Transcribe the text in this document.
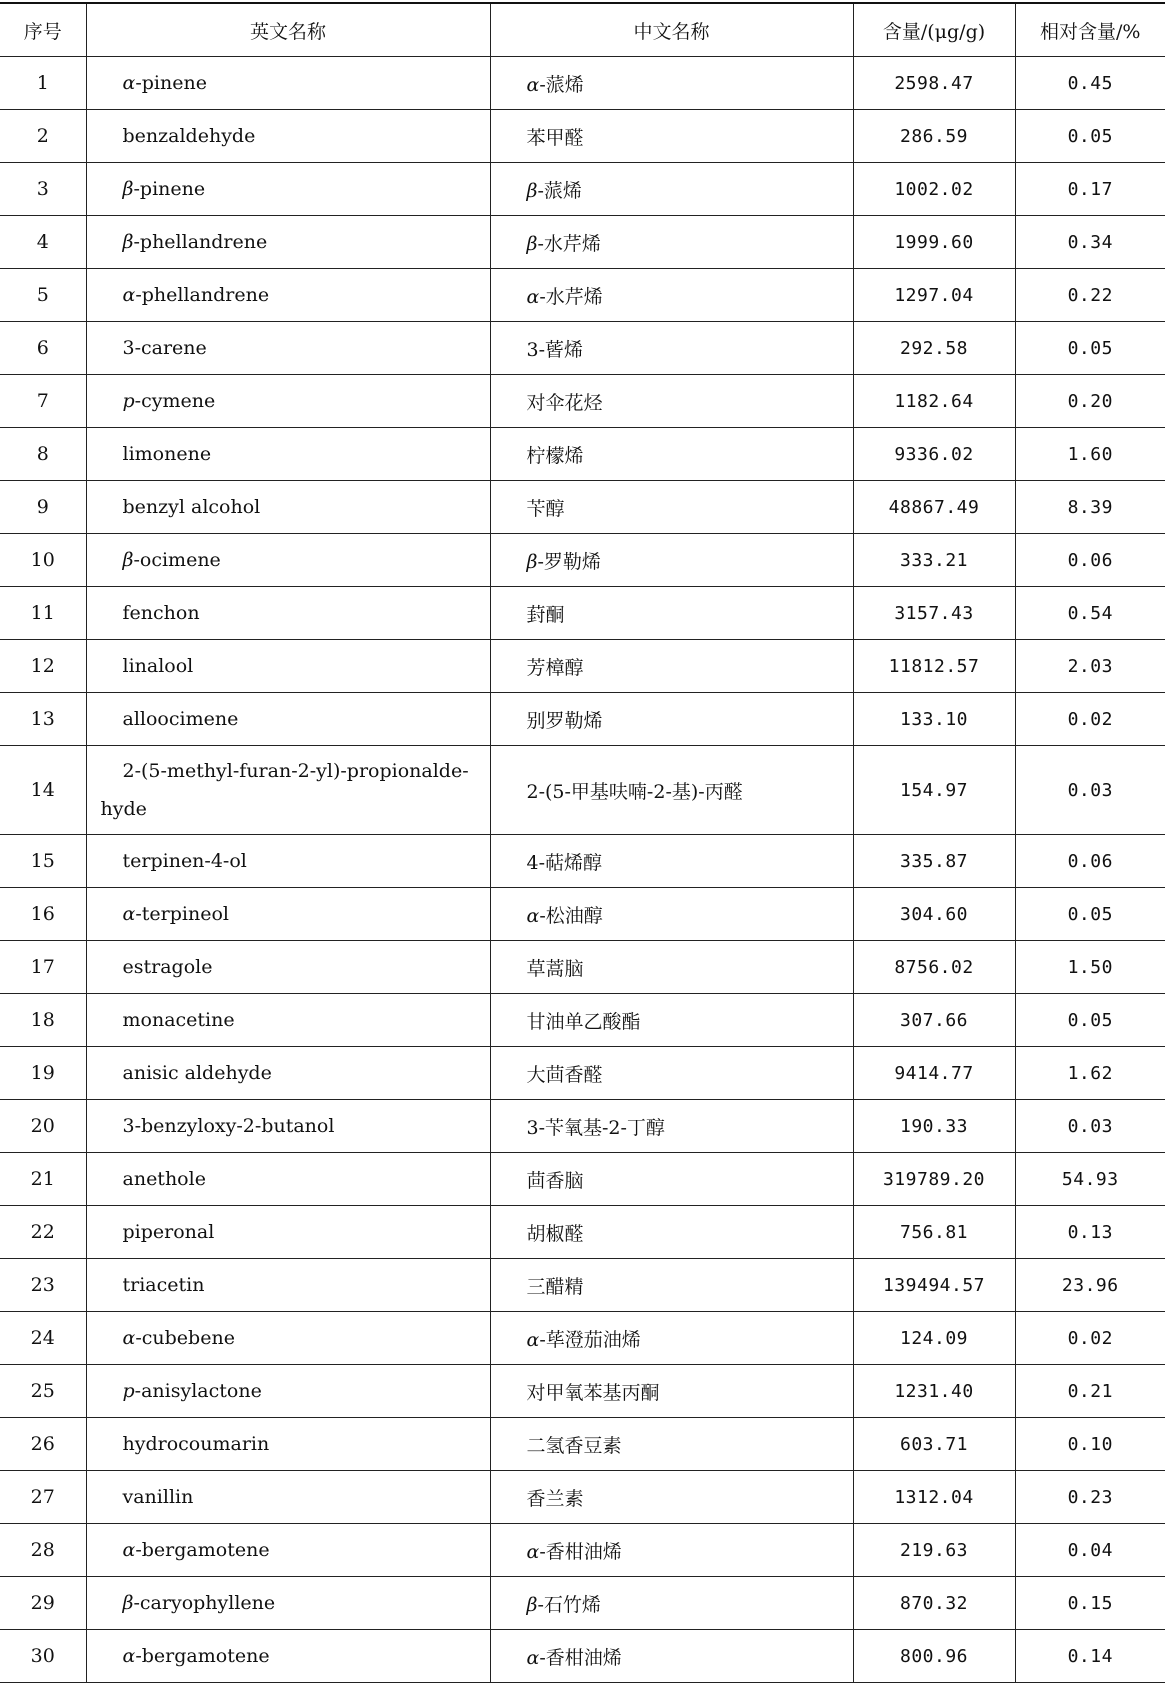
序号	英文名称	中文名称	含量/(μg/g)	相对含量/%
1	α-pinene	α-蒎烯	2598.47	0.45
2	benzaldehyde	苯甲醛	286.59	0.05
3	β-pinene	β-蒎烯	1002.02	0.17
4	β-phellandrene	β-水芹烯	1999.60	0.34
5	α-phellandrene	α-水芹烯	1297.04	0.22
6	3-carene	3-蒈烯	292.58	0.05
7	p-cymene	对伞花烃	1182.64	0.20
8	limonene	柠檬烯	9336.02	1.60
9	benzyl alcohol	苄醇	48867.49	8.39
10	β-ocimene	β-罗勒烯	333.21	0.06
11	fenchon	葑酮	3157.43	0.54
12	linalool	芳樟醇	11812.57	2.03
13	alloocimene	别罗勒烯	133.10	0.02
14	2-(5-methyl-furan-2-yl)-propionalde-hyde	2-(5-甲基呋喃-2-基)-丙醛	154.97	0.03
15	terpinen-4-ol	4-萜烯醇	335.87	0.06
16	α-terpineol	α-松油醇	304.60	0.05
17	estragole	草蒿脑	8756.02	1.50
18	monacetine	甘油单乙酸酯	307.66	0.05
19	anisic aldehyde	大茴香醛	9414.77	1.62
20	3-benzyloxy-2-butanol	3-苄氧基-2-丁醇	190.33	0.03
21	anethole	茴香脑	319789.20	54.93
22	piperonal	胡椒醛	756.81	0.13
23	triacetin	三醋精	139494.57	23.96
24	α-cubebene	α-荜澄茄油烯	124.09	0.02
25	p-anisylactone	对甲氧苯基丙酮	1231.40	0.21
26	hydrocoumarin	二氢香豆素	603.71	0.10
27	vanillin	香兰素	1312.04	0.23
28	α-bergamotene	α-香柑油烯	219.63	0.04
29	β-caryophyllene	β-石竹烯	870.32	0.15
30	α-bergamotene	α-香柑油烯	800.96	0.14
